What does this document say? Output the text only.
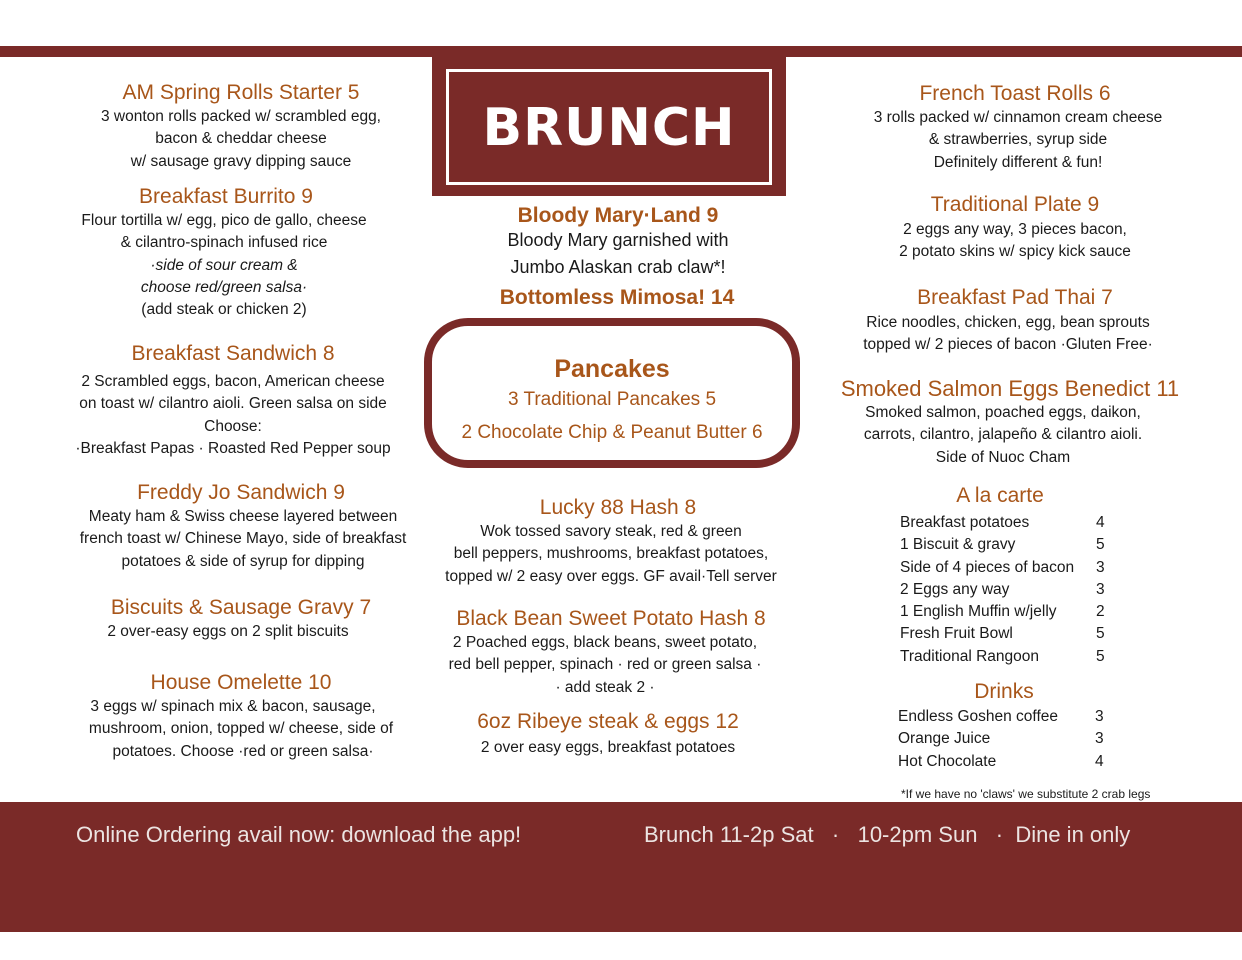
AM Spring Rolls Starter 5
3 wonton rolls packed w/ scrambled egg,
bacon & cheddar cheese
w/ sausage gravy dipping sauce
Breakfast Burrito 9
Flour tortilla w/ egg, pico de gallo, cheese
& cilantro-spinach infused rice
·side of sour cream &
choose red/green salsa·
(add steak or chicken 2)
Breakfast Sandwich 8
2 Scrambled eggs, bacon, American cheese
on toast w/ cilantro aioli. Green salsa on side
Choose:
·Breakfast Papas · Roasted Red Pepper soup
Freddy Jo Sandwich 9
Meaty ham & Swiss cheese layered between
french toast w/ Chinese Mayo, side of breakfast
potatoes & side of syrup for dipping
Biscuits & Sausage Gravy 7
2 over-easy eggs on 2 split biscuits
House Omelette 10
3 eggs w/ spinach mix & bacon, sausage,
mushroom, onion, topped w/ cheese, side of
potatoes. Choose ·red or green salsa·
BRUNCH
Bloody Mary·Land 9
Bloody Mary garnished with
Jumbo Alaskan crab claw*!
Bottomless Mimosa! 14
Pancakes
3 Traditional Pancakes 5
2 Chocolate Chip & Peanut Butter 6
Lucky 88 Hash 8
Wok tossed savory steak, red & green
bell peppers, mushrooms, breakfast potatoes,
topped w/ 2 easy over eggs. GF avail·Tell server
Black Bean Sweet Potato Hash 8
2 Poached eggs, black beans, sweet potato,
red bell pepper, spinach · red or green salsa ·
· add steak 2 ·
6oz Ribeye steak & eggs 12
2 over easy eggs, breakfast potatoes
French Toast Rolls 6
3 rolls packed w/ cinnamon cream cheese
& strawberries, syrup side
Definitely different & fun!
Traditional Plate 9
2 eggs any way, 3 pieces bacon,
2 potato skins w/ spicy kick sauce
Breakfast Pad Thai 7
Rice noodles, chicken, egg, bean sprouts
topped w/ 2 pieces of bacon ·Gluten Free·
Smoked Salmon Eggs Benedict 11
Smoked salmon, poached eggs, daikon,
carrots, cilantro, jalapeño & cilantro aioli.
Side of Nuoc Cham
A la carte
Breakfast potatoes	4
1 Biscuit & gravy	5
Side of 4 pieces of bacon 3
2 Eggs any way	3
1 English Muffin w/jelly	2
Fresh Fruit Bowl	5
Traditional Rangoon	5
Drinks
Endless Goshen coffee 3
Orange Juice	3
Hot Chocolate	4
*If we have no 'claws' we substitute 2 crab legs
Online Ordering avail now: download the app!	Brunch 11-2p Sat   ·   10-2pm Sun   ·  Dine in only
